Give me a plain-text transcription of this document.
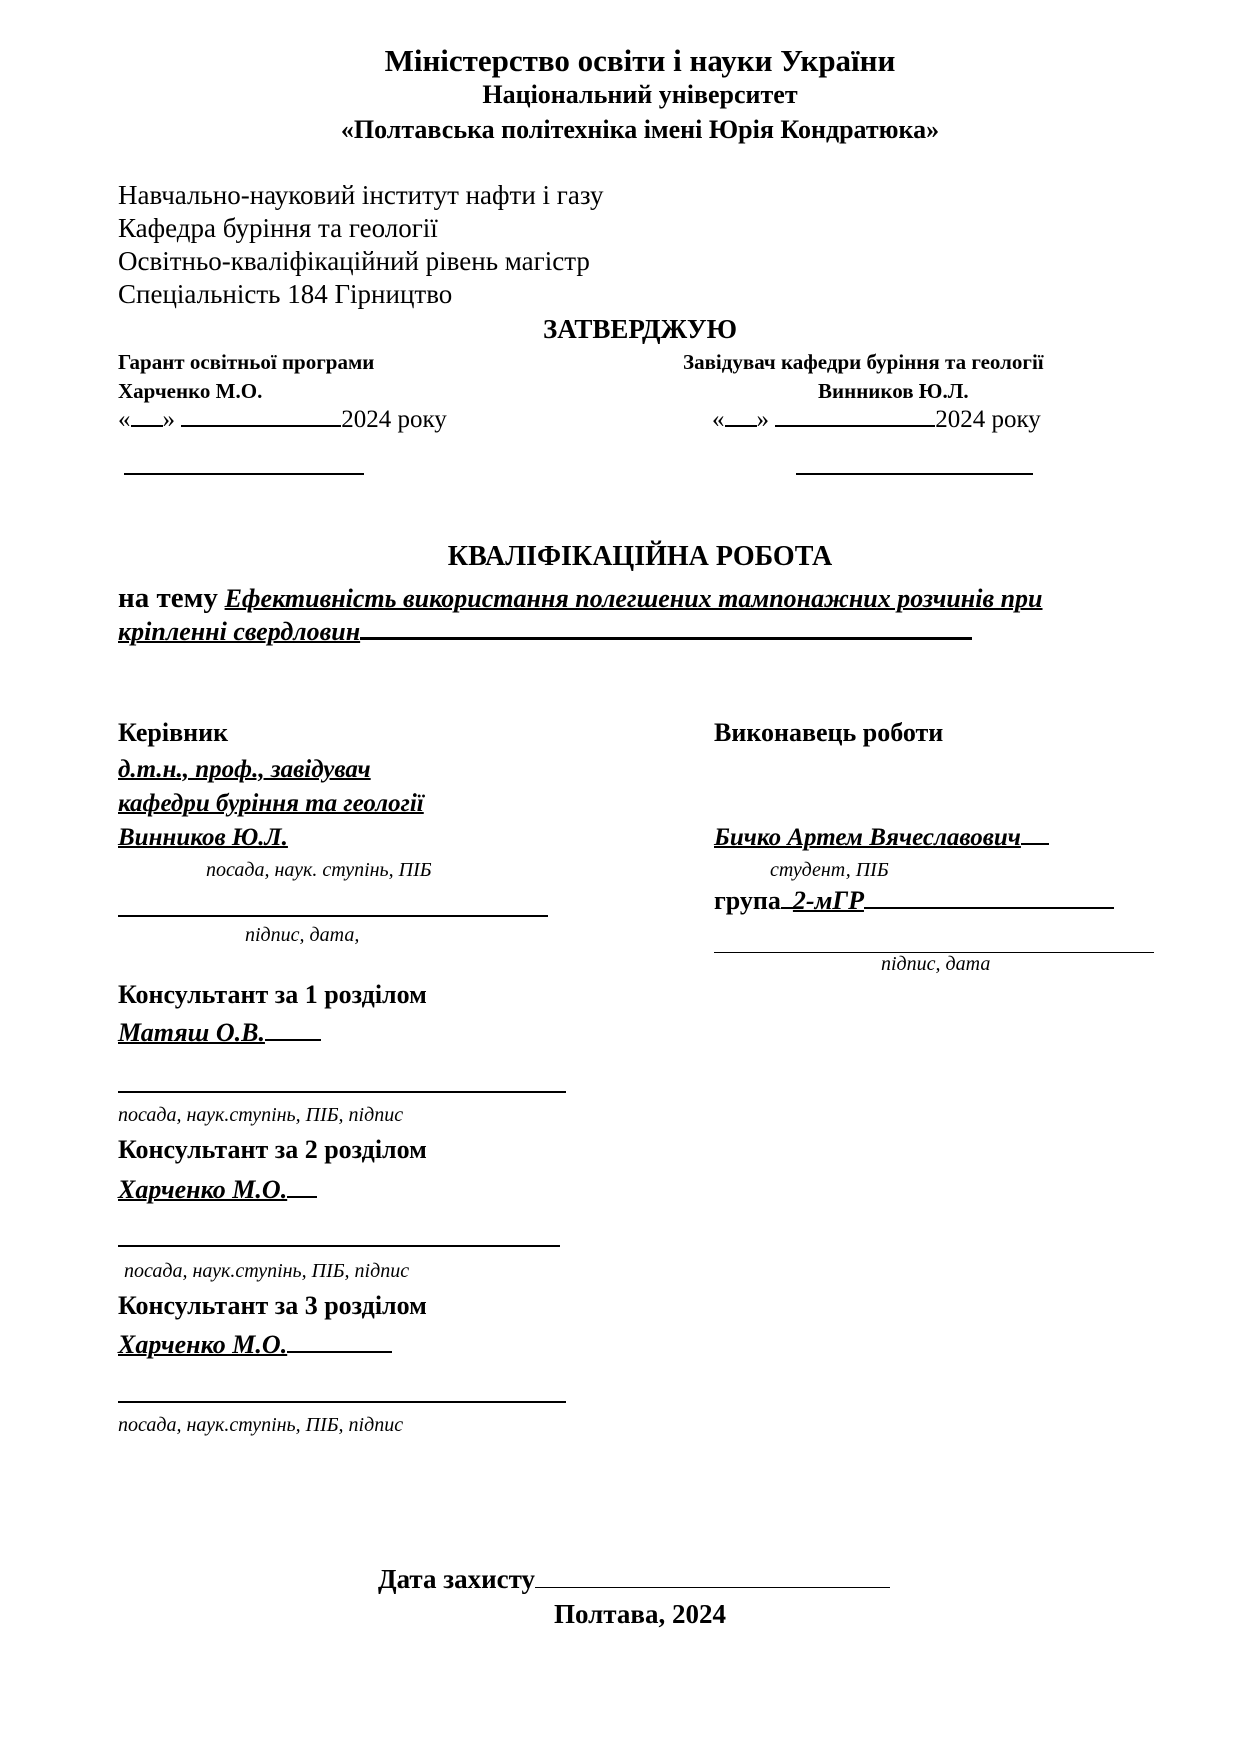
Міністерство освіти і науки України
Національний університет
«Полтавська політехніка імені Юрія Кондратюка»
Навчально-науковий інститут нафти і газу
Кафедра буріння та геології
Освітньо-кваліфікаційний рівень магістр
Спеціальність 184 Гірництво
ЗАТВЕРДЖУЮ
Гарант освітньої програми	Завідувач кафедри буріння та геології
Харченко М.О.	Винников Ю.Л.
« »	2024 року	« »	2024 року
КВАЛІФІКАЦІЙНА РОБОТА
на тему Ефективність використання полегшених тампонажних розчинів при
кріпленні свердловин
Керівник	Виконавець роботи
д.т.н., проф., завідувач
кафедри буріння та геології
Винников Ю.Л.	Бичко Артем Вячеславович
посада, наук. ступінь, ПІБ	студент, ПІБ
група 2-мГР
підпис, дата,
підпис, дата
Консультант за 1 розділом
Матяш О.В.
посада, наук.ступінь, ПІБ, підпис
Консультант за 2 розділом
Харченко М.О.
посада, наук.ступінь, ПІБ, підпис
Консультант за 3 розділом
Харченко М.О.
посада, наук.ступінь, ПІБ, підпис
Дата захисту
Полтава, 2024
